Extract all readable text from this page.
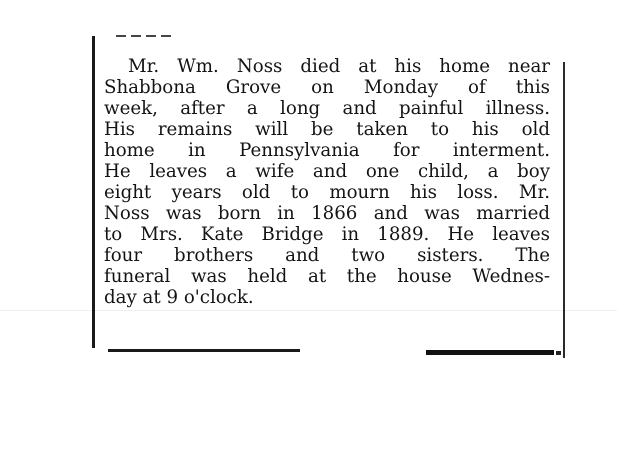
Mr. Wm. Noss died at his home near
Shabbona Grove on Monday of this
week, after a long and painful illness.
His remains will be taken to his old
home in Pennsylvania for interment.
He leaves a wife and one child, a boy
eight years old to mourn his loss. Mr.
Noss was born in 1866 and was married
to Mrs. Kate Bridge in 1889. He leaves
four brothers and two sisters. The
funeral was held at the house Wednes-
day at 9 o'clock.
